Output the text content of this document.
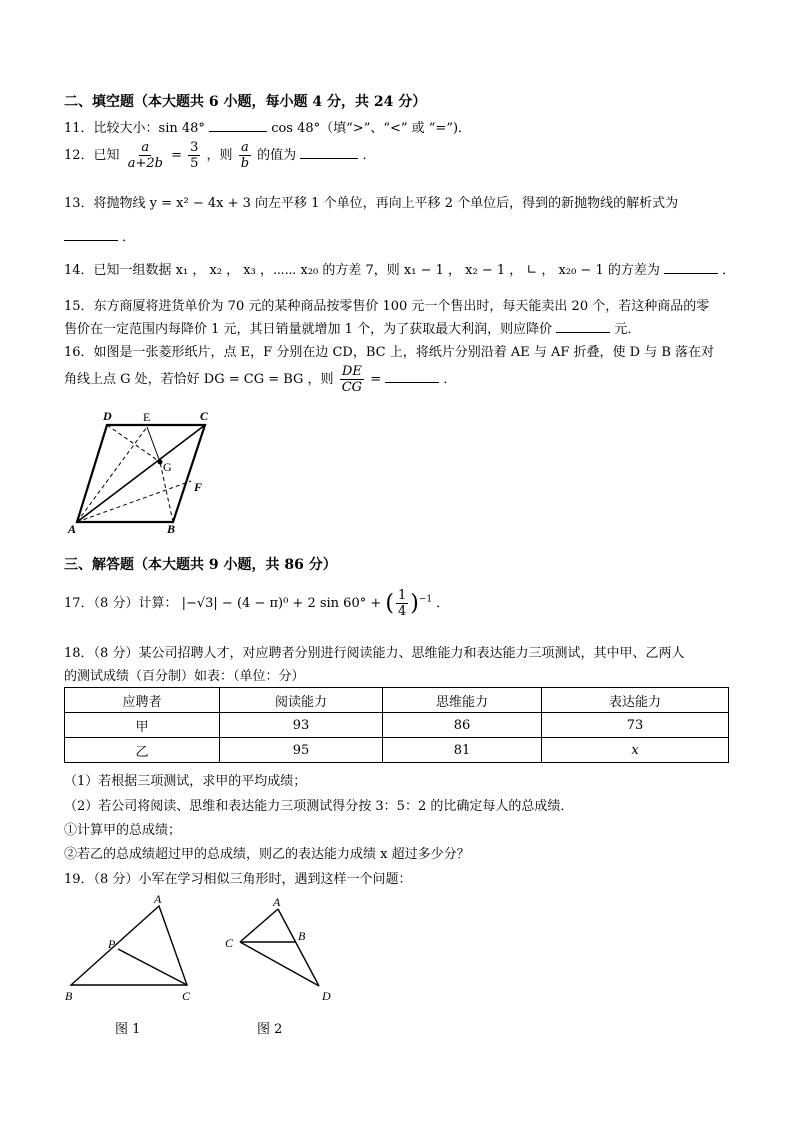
二、填空题（本大题共 6 小题，每小题 4 分，共 24 分）
11．比较大小：sin 48°	cos 48°（填“>”、“<” 或 “=”)．
12．已知 $\frac{a}{a+2b} = \frac{3}{5}$ ，则 $\frac{a}{b}$ 的值为	．
13．将抛物线 y = x² − 4x + 3 向左平移 1 个单位，再向上平移 2 个单位后，得到的新抛物线的解析式为
．
14．已知一组数据 x₁ ， x₂ ， x₃ ，⋯⋯ x₂₀ 的方差 7，则 x₁ − 1 ， x₂ − 1 ， ∟ ， x₂₀ − 1 的方差为	．
15．东方商厦将进货单价为 70 元的某种商品按零售价 100 元一个售出时，每天能卖出 20 个，若这种商品的零
售价在一定范围内每降价 1 元，其日销量就增加 1 个，为了获取最大利润，则应降价	元．
16．如图是一张菱形纸片，点 E，F 分别在边 CD，BC 上，将纸片分别沿着 AE 与 AF 折叠，使 D 与 B 落在对
角线上点 G 处，若恰好 DG = CG = BG ，则 $\frac{DE}{CG}$ =	．
D	E	C
G
F
A	B
三、解答题（本大题共 9 小题，共 86 分）
17．（8 分）计算： |−√3| − (4 − π)⁰ + 2 sin 60° + ( $\frac{1}{4} )^{-1}$ ．
18．（8 分）某公司招聘人才，对应聘者分别进行阅读能力、思维能力和表达能力三项测试，其中甲、乙两人
的测试成绩（百分制）如表：（单位：分）
应聘者	阅读能力	思维能力	表达能力
甲	93	86	73
乙	95	81	x
（1）若根据三项测试，求甲的平均成绩；
（2）若公司将阅读、思维和表达能力三项测试得分按 3：5：2 的比确定每人的总成绩．
①计算甲的总成绩；
②若乙的总成绩超过甲的总成绩，则乙的表达能力成绩 x 超过多少分？
19．（8 分）小军在学习相似三角形时，遇到这样一个问题：
A
P
B	C
图 1
A
B
C
D
图 2
